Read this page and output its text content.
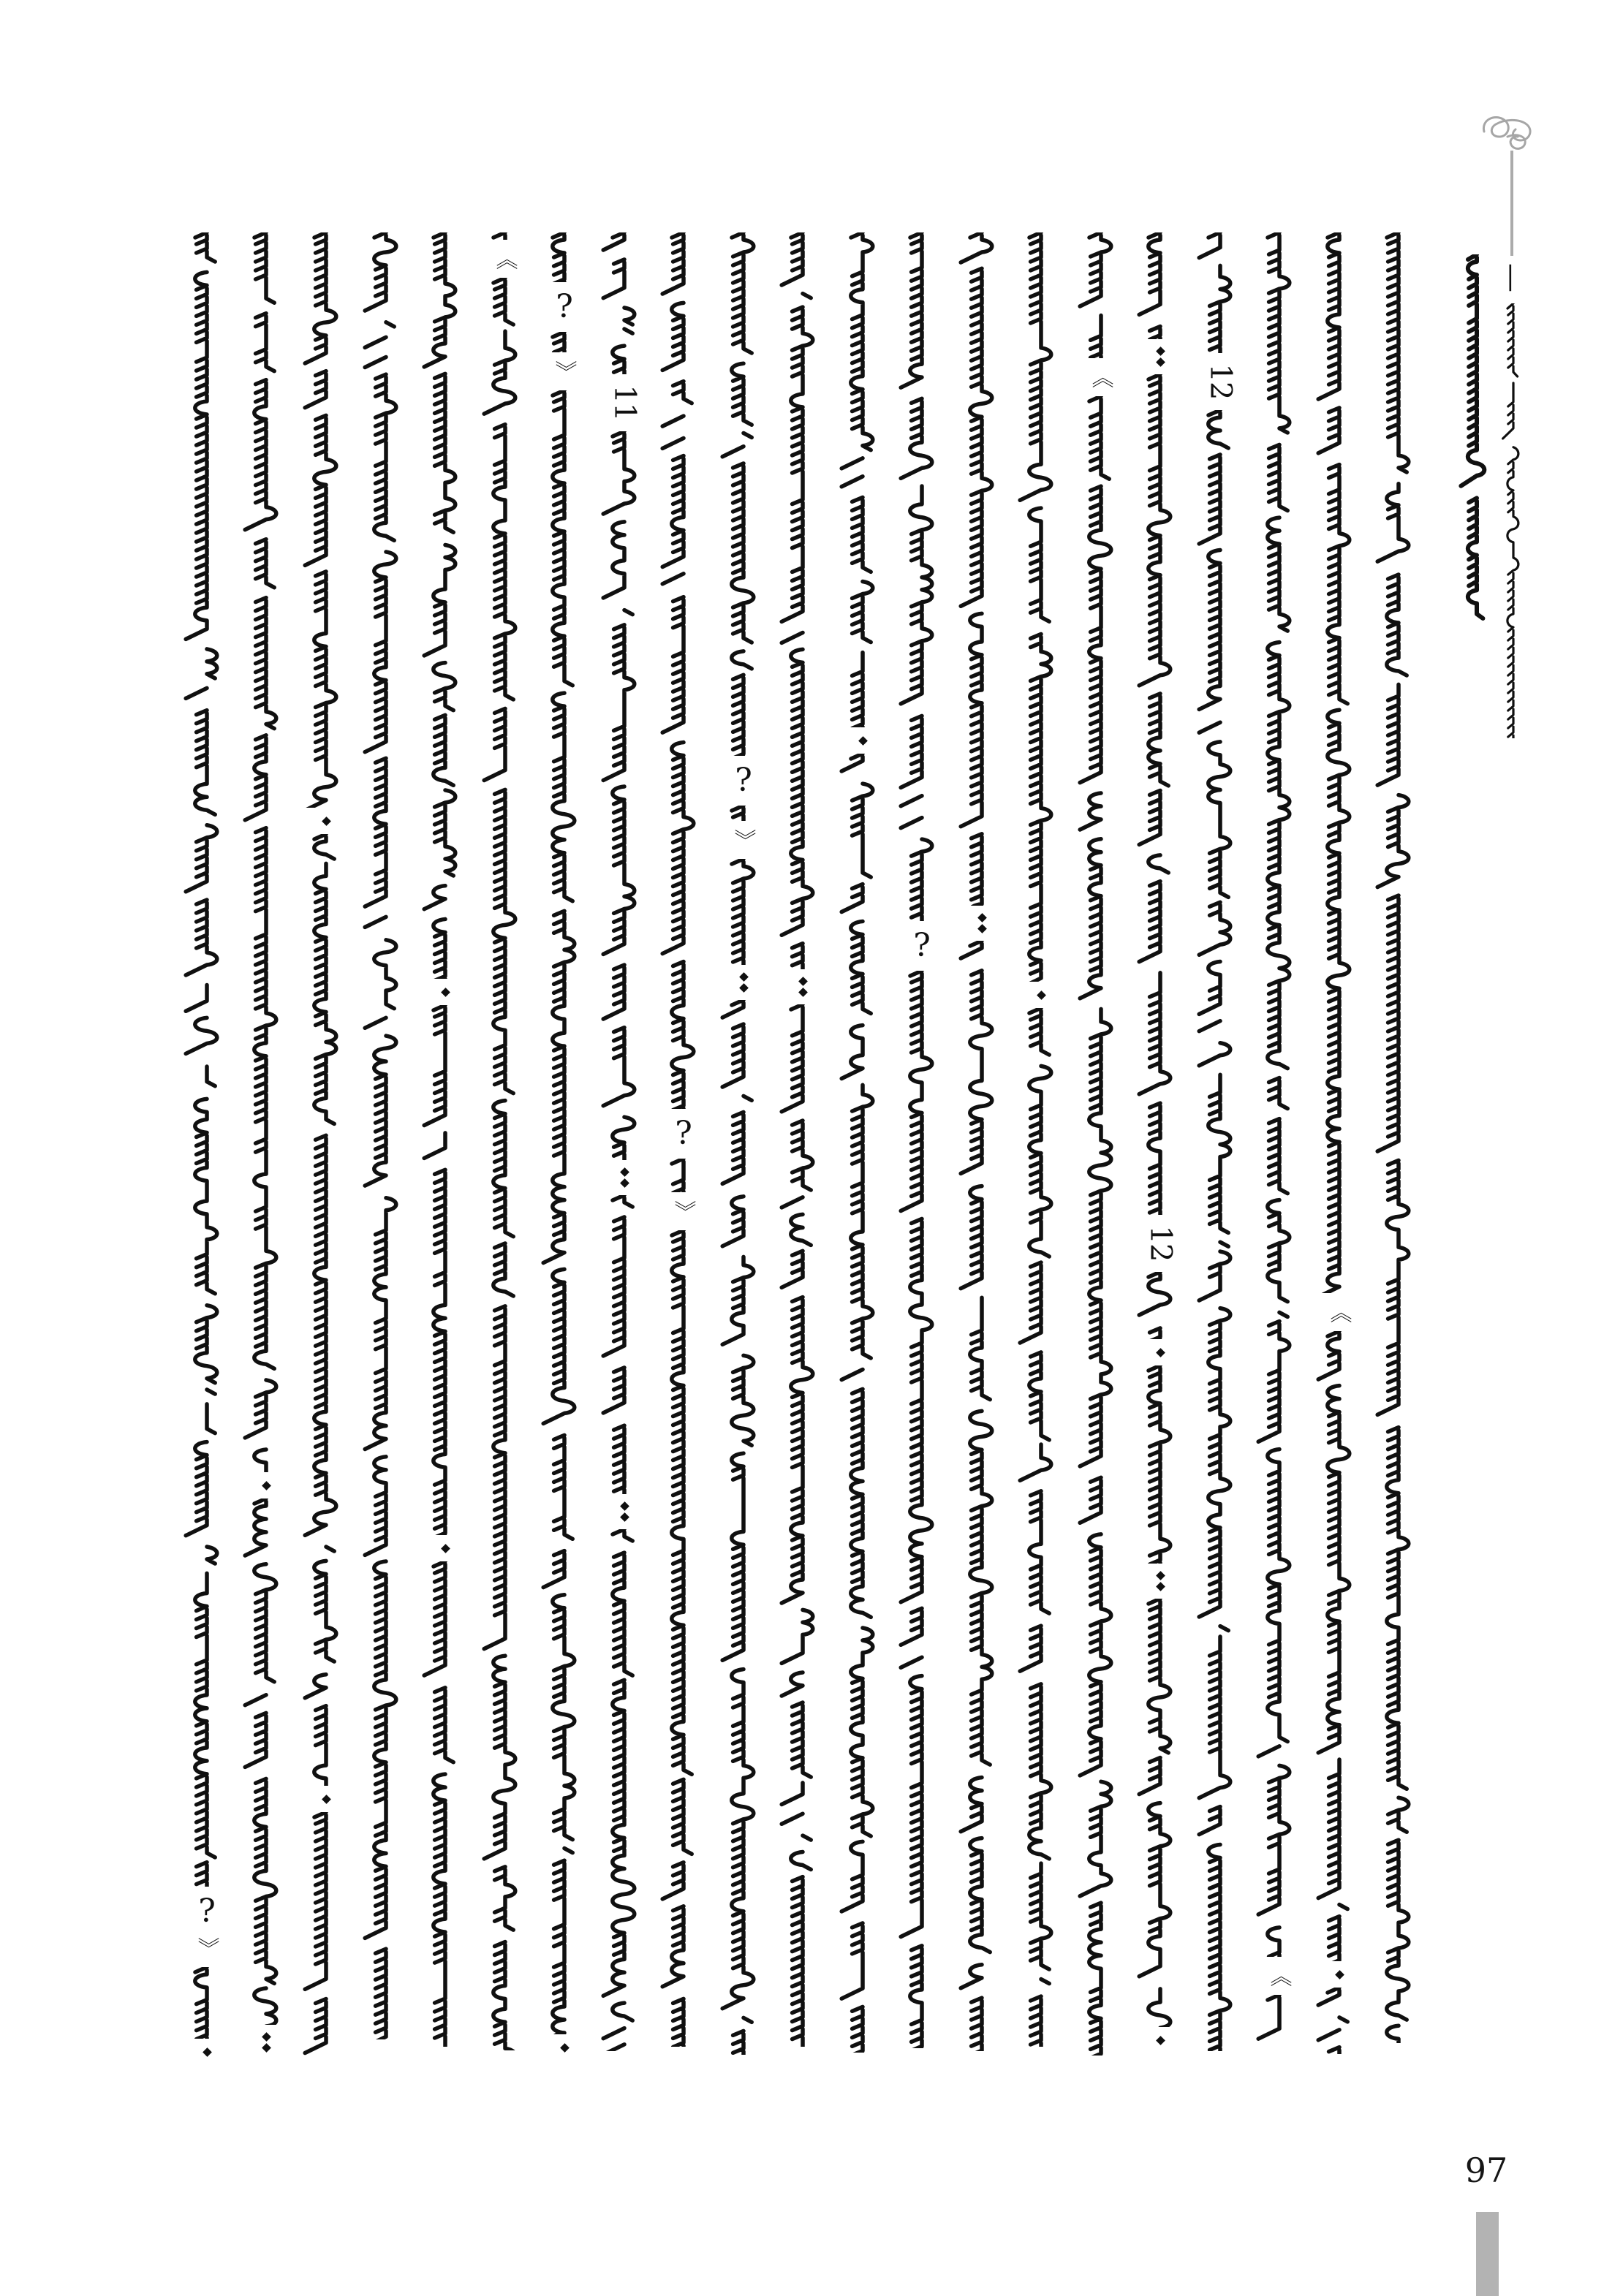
—
?
》
《
?
》
11
?
》
?
》
?
《
12
12
《
《
97
